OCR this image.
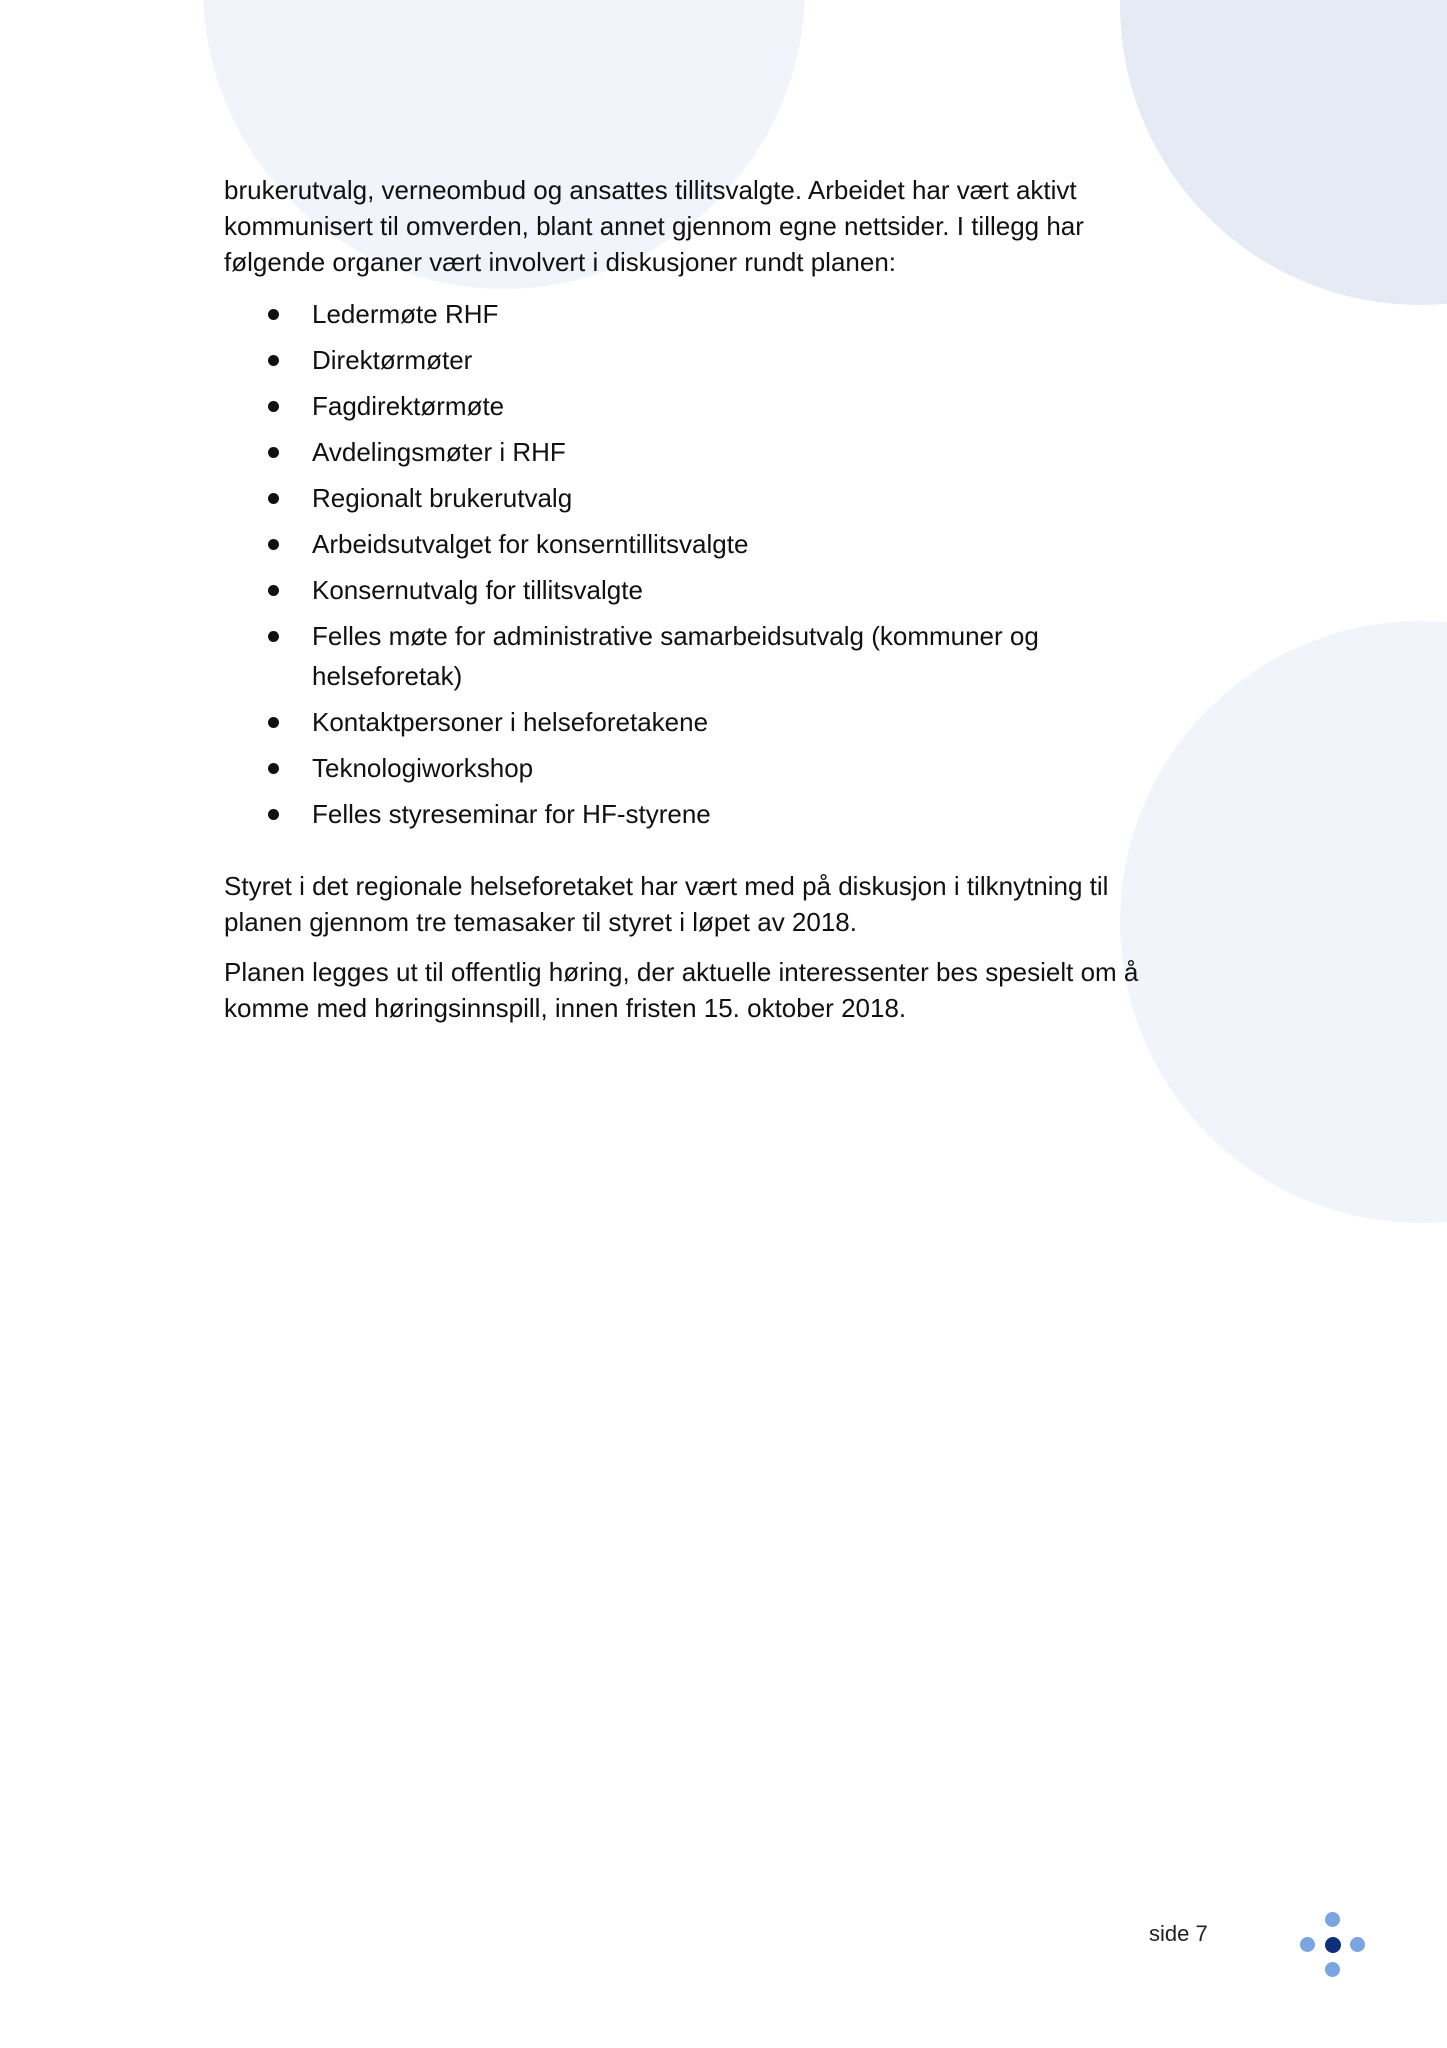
brukerutvalg, verneombud og ansattes tillitsvalgte. Arbeidet har vært aktivt kommunisert til omverden, blant annet gjennom egne nettsider. I tillegg har følgende organer vært involvert i diskusjoner rundt planen:

Ledermøte RHF
Direktørmøter
Fagdirektørmøte
Avdelingsmøter i RHF
Regionalt brukerutvalg
Arbeidsutvalget for konserntillitsvalgte
Konsernutvalg for tillitsvalgte
Felles møte for administrative samarbeidsutvalg (kommuner og helseforetak)
Kontaktpersoner i helseforetakene
Teknologiworkshop
Felles styreseminar for HF-styrene

Styret i det regionale helseforetaket har vært med på diskusjon i tilknytning til planen gjennom tre temasaker til styret i løpet av 2018.

Planen legges ut til offentlig høring, der aktuelle interessenter bes spesielt om å komme med høringsinnspill, innen fristen 15. oktober 2018.

side 7
